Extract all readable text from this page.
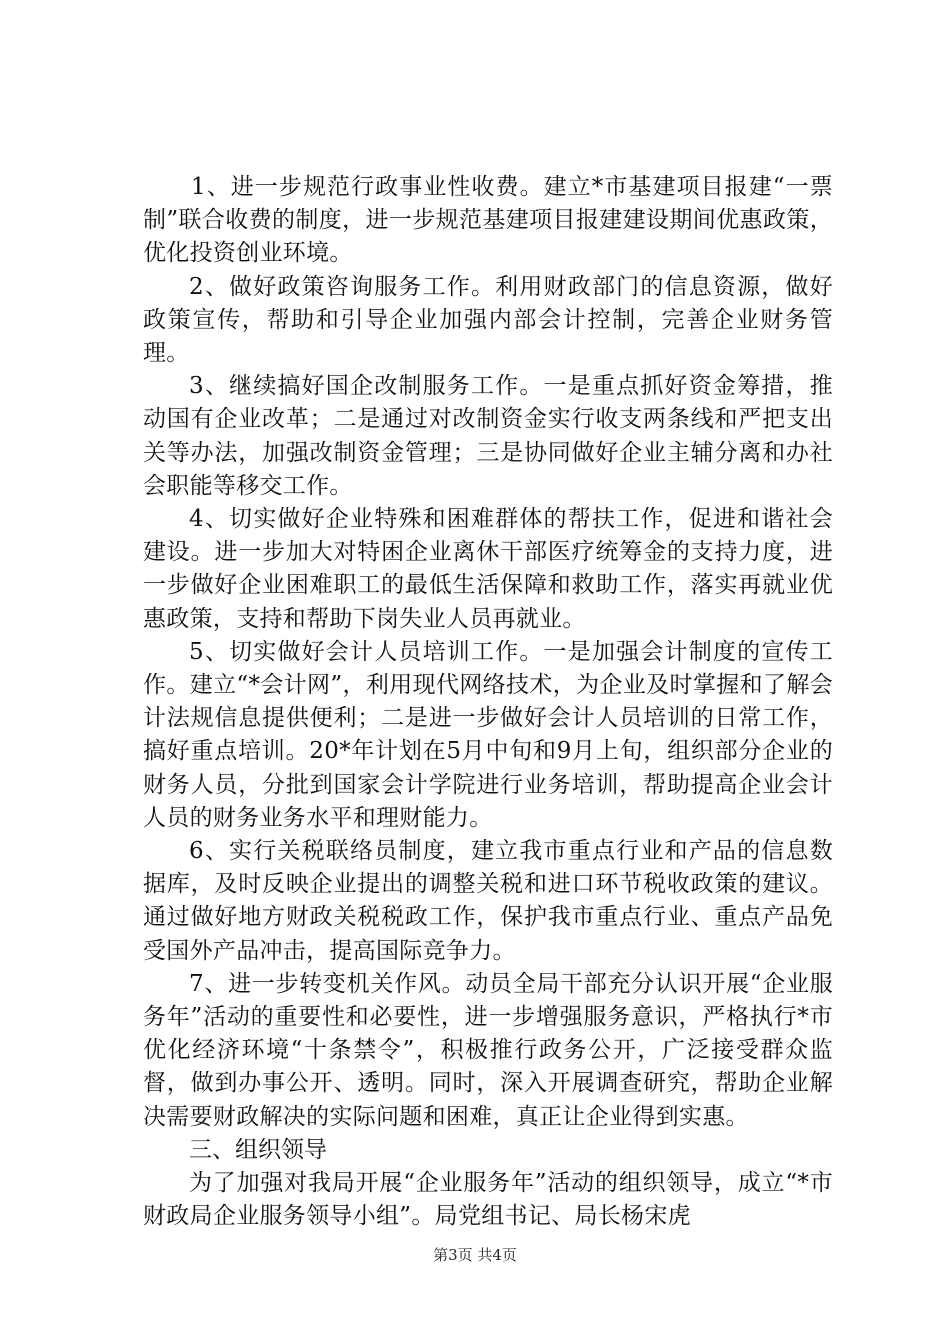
1、进一步规范行政事业性收费。建立*市基建项目报建“一票制”联合收费的制度，进一步规范基建项目报建建设期间优惠政策，优化投资创业环境。

2、做好政策咨询服务工作。利用财政部门的信息资源，做好政策宣传，帮助和引导企业加强内部会计控制，完善企业财务管理。

3、继续搞好国企改制服务工作。一是重点抓好资金筹措，推动国有企业改革；二是通过对改制资金实行收支两条线和严把支出关等办法，加强改制资金管理；三是协同做好企业主辅分离和办社会职能等移交工作。

4、切实做好企业特殊和困难群体的帮扶工作，促进和谐社会建设。进一步加大对特困企业离休干部医疗统筹金的支持力度，进一步做好企业困难职工的最低生活保障和救助工作，落实再就业优惠政策，支持和帮助下岗失业人员再就业。

5、切实做好会计人员培训工作。一是加强会计制度的宣传工作。建立“*会计网”，利用现代网络技术，为企业及时掌握和了解会计法规信息提供便利；二是进一步做好会计人员培训的日常工作，搞好重点培训。20*年计划在5月中旬和9月上旬，组织部分企业的财务人员，分批到国家会计学院进行业务培训，帮助提高企业会计人员的财务业务水平和理财能力。

6、实行关税联络员制度，建立我市重点行业和产品的信息数据库，及时反映企业提出的调整关税和进口环节税收政策的建议。通过做好地方财政关税税政工作，保护我市重点行业、重点产品免受国外产品冲击，提高国际竞争力。

7、进一步转变机关作风。动员全局干部充分认识开展“企业服务年”活动的重要性和必要性，进一步增强服务意识，严格执行*市优化经济环境“十条禁令”，积极推行政务公开，广泛接受群众监督，做到办事公开、透明。同时，深入开展调查研究，帮助企业解决需要财政解决的实际问题和困难，真正让企业得到实惠。

三、组织领导

为了加强对我局开展“企业服务年”活动的组织领导，成立“*市财政局企业服务领导小组”。局党组书记、局长杨宋虎

第3页 共4页
